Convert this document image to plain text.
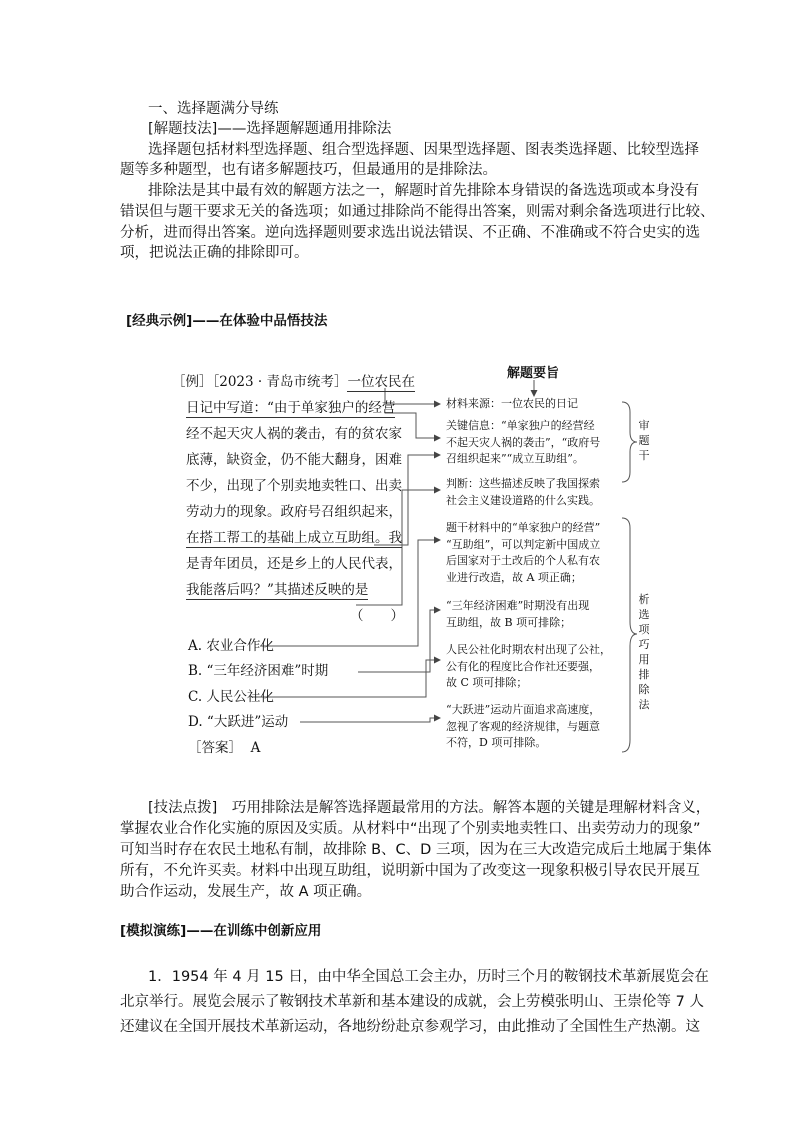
一、选择题满分导练
[解题技法]——选择题解题通用排除法
选择题包括材料型选择题、组合型选择题、因果型选择题、图表类选择题、比较型选择
题等多种题型，也有诸多解题技巧，但最通用的是排除法。
排除法是其中最有效的解题方法之一，解题时首先排除本身错误的备选选项或本身没有
错误但与题干要求无关的备选项；如通过排除尚不能得出答案，则需对剩余备选项进行比较、
分析，进而得出答案。逆向选择题则要求选出说法错误、不正确、不准确或不符合史实的选
项，把说法正确的排除即可。
[经典示例]——在体验中品悟技法
［例］［2023 · 青岛市统考］一位农民在
日记中写道：“由于单家独户的经营
经不起天灾人祸的袭击，有的贫农家
底薄，缺资金，仍不能大翻身，困难
不少，出现了个别卖地卖牲口、出卖
劳动力的现象。政府号召组织起来，
在搭工帮工的基础上成立互助组。我
是青年团员，还是乡上的人民代表，
我能落后吗？”其描述反映的是
（　　）
A. 农业合作化
B. “三年经济困难”时期
C. 人民公社化
D. “大跃进”运动
［答案］ A
解题要旨
材料来源：一位农民的日记
关键信息：“单家独户的经营经
不起天灾人祸的袭击”，“政府号
召组织起来”“成立互助组”。
判断：这些描述反映了我国探索
社会主义建设道路的什么实践。
题干材料中的“单家独户的经营”
“互助组”，可以判定新中国成立
后国家对于土改后的个人私有农
业进行改造，故 A 项正确；
“三年经济困难”时期没有出现
互助组，故 B 项可排除；
人民公社化时期农村出现了公社，
公有化的程度比合作社还要强，
故 C 项可排除；
“大跃进”运动片面追求高速度，
忽视了客观的经济规律，与题意
不符，D 项可排除。
审题干
析选项巧用排除法
[技法点拨]　巧用排除法是解答选择题最常用的方法。解答本题的关键是理解材料含义，
掌握农业合作化实施的原因及实质。从材料中“出现了个别卖地卖牲口、出卖劳动力的现象”
可知当时存在农民土地私有制，故排除 B、C、D 三项，因为在三大改造完成后土地属于集体
所有，不允许买卖。材料中出现互助组，说明新中国为了改变这一现象积极引导农民开展互
助合作运动，发展生产，故 A 项正确。
[模拟演练]——在训练中创新应用
1．1954 年 4 月 15 日，由中华全国总工会主办，历时三个月的鞍钢技术革新展览会在
北京举行。展览会展示了鞍钢技术革新和基本建设的成就，会上劳模张明山、王崇伦等 7 人
还建议在全国开展技术革新运动，各地纷纷赴京参观学习，由此推动了全国性生产热潮。这
